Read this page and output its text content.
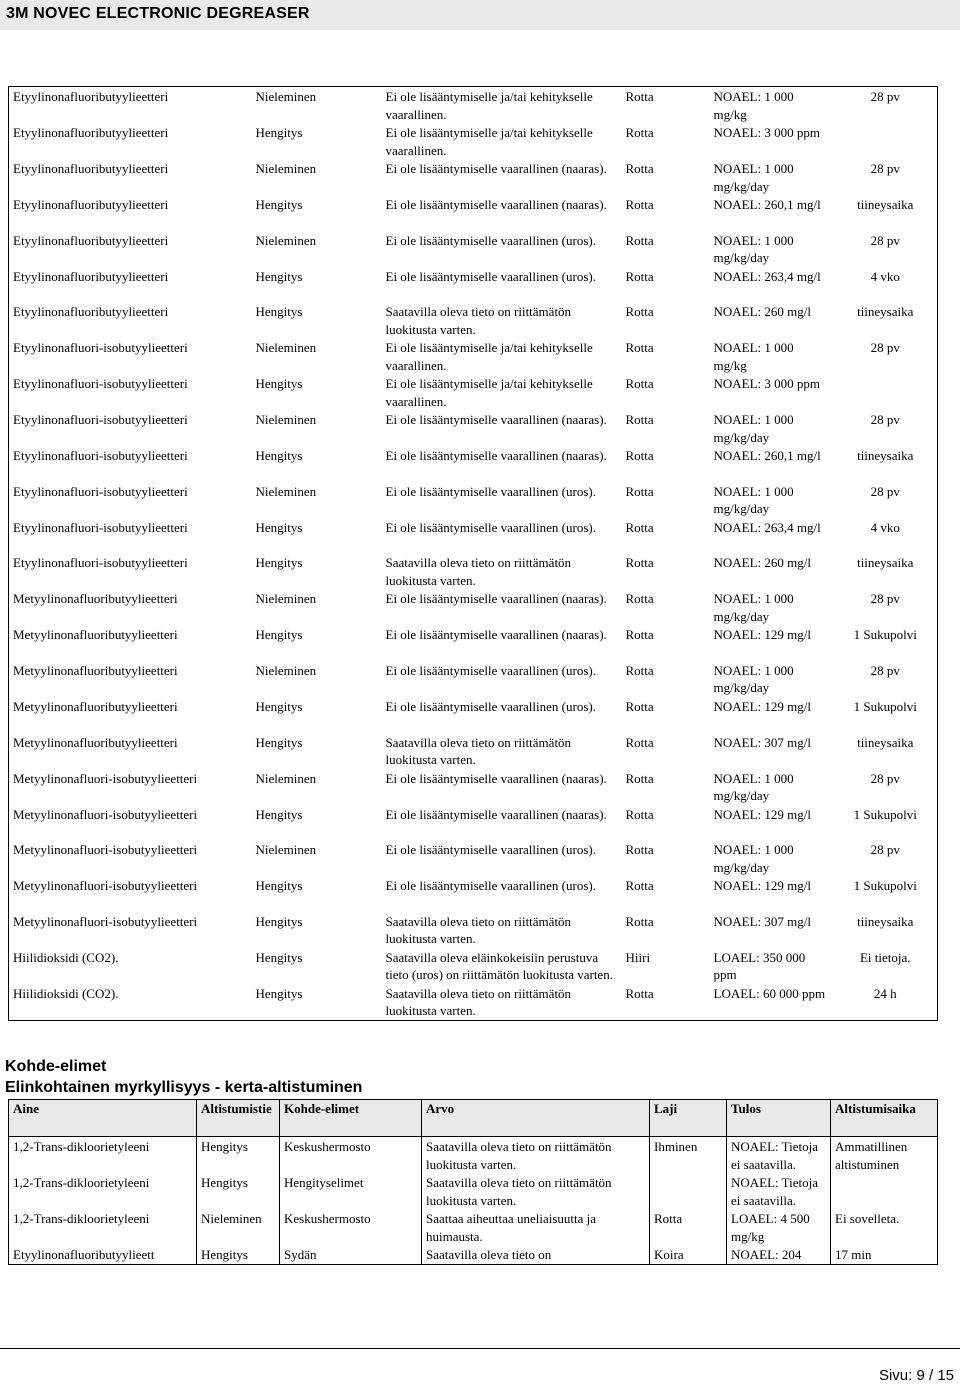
3M NOVEC ELECTRONIC DEGREASER
Etyylinonafluoributyylieetteri	Nieleminen	Ei ole lisääntymiselle ja/tai kehitykselle vaarallinen.	Rotta	NOAEL: 1 000 mg/kg	28 pv
Etyylinonafluoributyylieetteri	Hengitys	Ei ole lisääntymiselle ja/tai kehitykselle vaarallinen.	Rotta	NOAEL: 3 000 ppm	
Etyylinonafluoributyylieetteri	Nieleminen	Ei ole lisääntymiselle vaarallinen (naaras).	Rotta	NOAEL: 1 000 mg/kg/day	28 pv
Etyylinonafluoributyylieetteri	Hengitys	Ei ole lisääntymiselle vaarallinen (naaras).	Rotta	NOAEL: 260,1 mg/l	tiineysaika
Etyylinonafluoributyylieetteri	Nieleminen	Ei ole lisääntymiselle vaarallinen (uros).	Rotta	NOAEL: 1 000 mg/kg/day	28 pv
Etyylinonafluoributyylieetteri	Hengitys	Ei ole lisääntymiselle vaarallinen (uros).	Rotta	NOAEL: 263,4 mg/l	4 vko
Etyylinonafluoributyylieetteri	Hengitys	Saatavilla oleva tieto on riittämätön luokitusta varten.	Rotta	NOAEL: 260 mg/l	tiineysaika
Etyylinonafluori-isobutyylieetteri	Nieleminen	Ei ole lisääntymiselle ja/tai kehitykselle vaarallinen.	Rotta	NOAEL: 1 000 mg/kg	28 pv
Etyylinonafluori-isobutyylieetteri	Hengitys	Ei ole lisääntymiselle ja/tai kehitykselle vaarallinen.	Rotta	NOAEL: 3 000 ppm	
Etyylinonafluori-isobutyylieetteri	Nieleminen	Ei ole lisääntymiselle vaarallinen (naaras).	Rotta	NOAEL: 1 000 mg/kg/day	28 pv
Etyylinonafluori-isobutyylieetteri	Hengitys	Ei ole lisääntymiselle vaarallinen (naaras).	Rotta	NOAEL: 260,1 mg/l	tiineysaika
Etyylinonafluori-isobutyylieetteri	Nieleminen	Ei ole lisääntymiselle vaarallinen (uros).	Rotta	NOAEL: 1 000 mg/kg/day	28 pv
Etyylinonafluori-isobutyylieetteri	Hengitys	Ei ole lisääntymiselle vaarallinen (uros).	Rotta	NOAEL: 263,4 mg/l	4 vko
Etyylinonafluori-isobutyylieetteri	Hengitys	Saatavilla oleva tieto on riittämätön luokitusta varten.	Rotta	NOAEL: 260 mg/l	tiineysaika
Metyylinonafluoributyylieetteri	Nieleminen	Ei ole lisääntymiselle vaarallinen (naaras).	Rotta	NOAEL: 1 000 mg/kg/day	28 pv
Metyylinonafluoributyylieetteri	Hengitys	Ei ole lisääntymiselle vaarallinen (naaras).	Rotta	NOAEL: 129 mg/l	1 Sukupolvi
Metyylinonafluoributyylieetteri	Nieleminen	Ei ole lisääntymiselle vaarallinen (uros).	Rotta	NOAEL: 1 000 mg/kg/day	28 pv
Metyylinonafluoributyylieetteri	Hengitys	Ei ole lisääntymiselle vaarallinen (uros).	Rotta	NOAEL: 129 mg/l	1 Sukupolvi
Metyylinonafluoributyylieetteri	Hengitys	Saatavilla oleva tieto on riittämätön luokitusta varten.	Rotta	NOAEL: 307 mg/l	tiineysaika
Metyylinonafluori-isobutyylieetteri	Nieleminen	Ei ole lisääntymiselle vaarallinen (naaras).	Rotta	NOAEL: 1 000 mg/kg/day	28 pv
Metyylinonafluori-isobutyylieetteri	Hengitys	Ei ole lisääntymiselle vaarallinen (naaras).	Rotta	NOAEL: 129 mg/l	1 Sukupolvi
Metyylinonafluori-isobutyylieetteri	Nieleminen	Ei ole lisääntymiselle vaarallinen (uros).	Rotta	NOAEL: 1 000 mg/kg/day	28 pv
Metyylinonafluori-isobutyylieetteri	Hengitys	Ei ole lisääntymiselle vaarallinen (uros).	Rotta	NOAEL: 129 mg/l	1 Sukupolvi
Metyylinonafluori-isobutyylieetteri	Hengitys	Saatavilla oleva tieto on riittämätön luokitusta varten.	Rotta	NOAEL: 307 mg/l	tiineysaika
Hiilidioksidi (CO2).	Hengitys	Saatavilla oleva eläinkokeisiin perustuva tieto (uros) on riittämätön luokitusta varten.	Hiiri	LOAEL: 350 000 ppm	Ei tietoja.
Hiilidioksidi (CO2).	Hengitys	Saatavilla oleva tieto on riittämätön luokitusta varten.	Rotta	LOAEL: 60 000 ppm	24 h
Kohde-elimet
Elinkohtainen myrkyllisyys - kerta-altistuminen
Aine	Altistumistie	Kohde-elimet	Arvo	Laji	Tulos	Altistumisaika
1,2-Trans-dikloorietyleeni	Hengitys	Keskushermosto	Saatavilla oleva tieto on riittämätön luokitusta varten.	Ihminen	NOAEL: Tietoja ei saatavilla.	Ammatillinen altistuminen
1,2-Trans-dikloorietyleeni	Hengitys	Hengityselimet	Saatavilla oleva tieto on riittämätön luokitusta varten.		NOAEL: Tietoja ei saatavilla.	
1,2-Trans-dikloorietyleeni	Nieleminen	Keskushermosto	Saattaa aiheuttaa uneliaisuutta ja huimausta.	Rotta	LOAEL: 4 500 mg/kg	Ei sovelleta.
Etyylinonafluoributyylieett	Hengitys	Sydän	Saatavilla oleva tieto on	Koira	NOAEL: 204	17 min
Sivu: 9 / 15
